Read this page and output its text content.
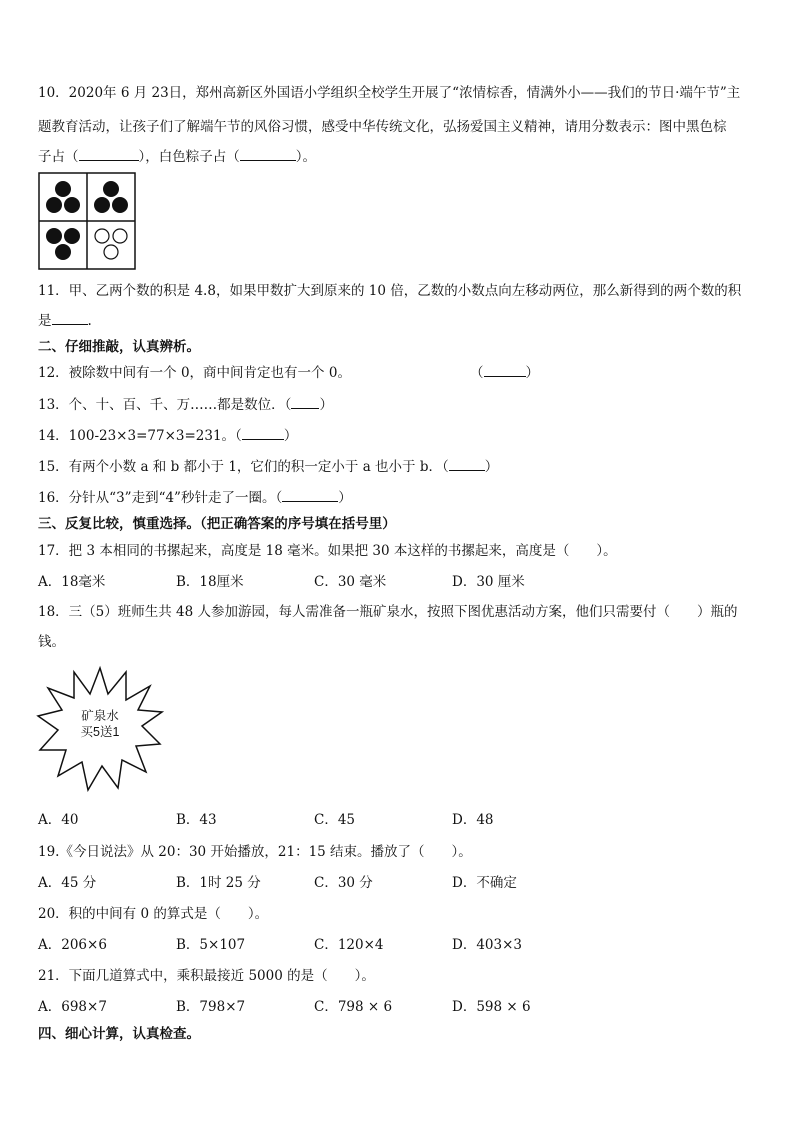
10．2020年 6 月 23日，郑州高新区外国语小学组织全校学生开展了“浓情棕香，情满外小——我们的节日·端午节”主
题教育活动，让孩子们了解端午节的风俗习惯，感受中华传统文化，弘扬爱国主义精神，请用分数表示：图中黑色棕
子占（	），白色粽子占（	）。
11．甲、乙两个数的积是 4.8，如果甲数扩大到原来的 10 倍，乙数的小数点向左移动两位，那么新得到的两个数的积
是	.
二、仔细推敲，认真辨析。
12．被除数中间有一个 0，商中间肯定也有一个 0。	（	）
13．个、十、百、千、万……都是数位．（ ）
14．100-23×3=77×3=231。（	）
15．有两个小数 a 和 b 都小于 1，它们的积一定小于 a 也小于 b．（	）
16．分针从“3”走到“4”秒针走了一圈。（	）
三、反复比较，慎重选择。（把正确答案的序号填在括号里）
17．把 3 本相同的书摞起来，高度是 18 毫米。如果把 30 本这样的书摞起来，高度是（　　）。
A．18毫米	B．18厘米	C．30 毫米	D．30 厘米
18．三（5）班师生共 48 人参加游园，每人需准备一瓶矿泉水，按照下图优惠活动方案，他们只需要付（　　）瓶的
钱。
矿泉水
买5送1
A．40	B．43	C．45	D．48
19.《今日说法》从 20：30 开始播放，21：15 结束。播放了（　　）。
A．45 分	B．1时 25 分	C．30 分	D．不确定
20．积的中间有 0 的算式是（　　）。
A．206×6	B．5×107	C．120×4	D．403×3
21．下面几道算式中，乘积最接近 5000 的是（　　）。
A．698×7	B．798×7	C．798 × 6	D．598 × 6
四、细心计算，认真检查。
